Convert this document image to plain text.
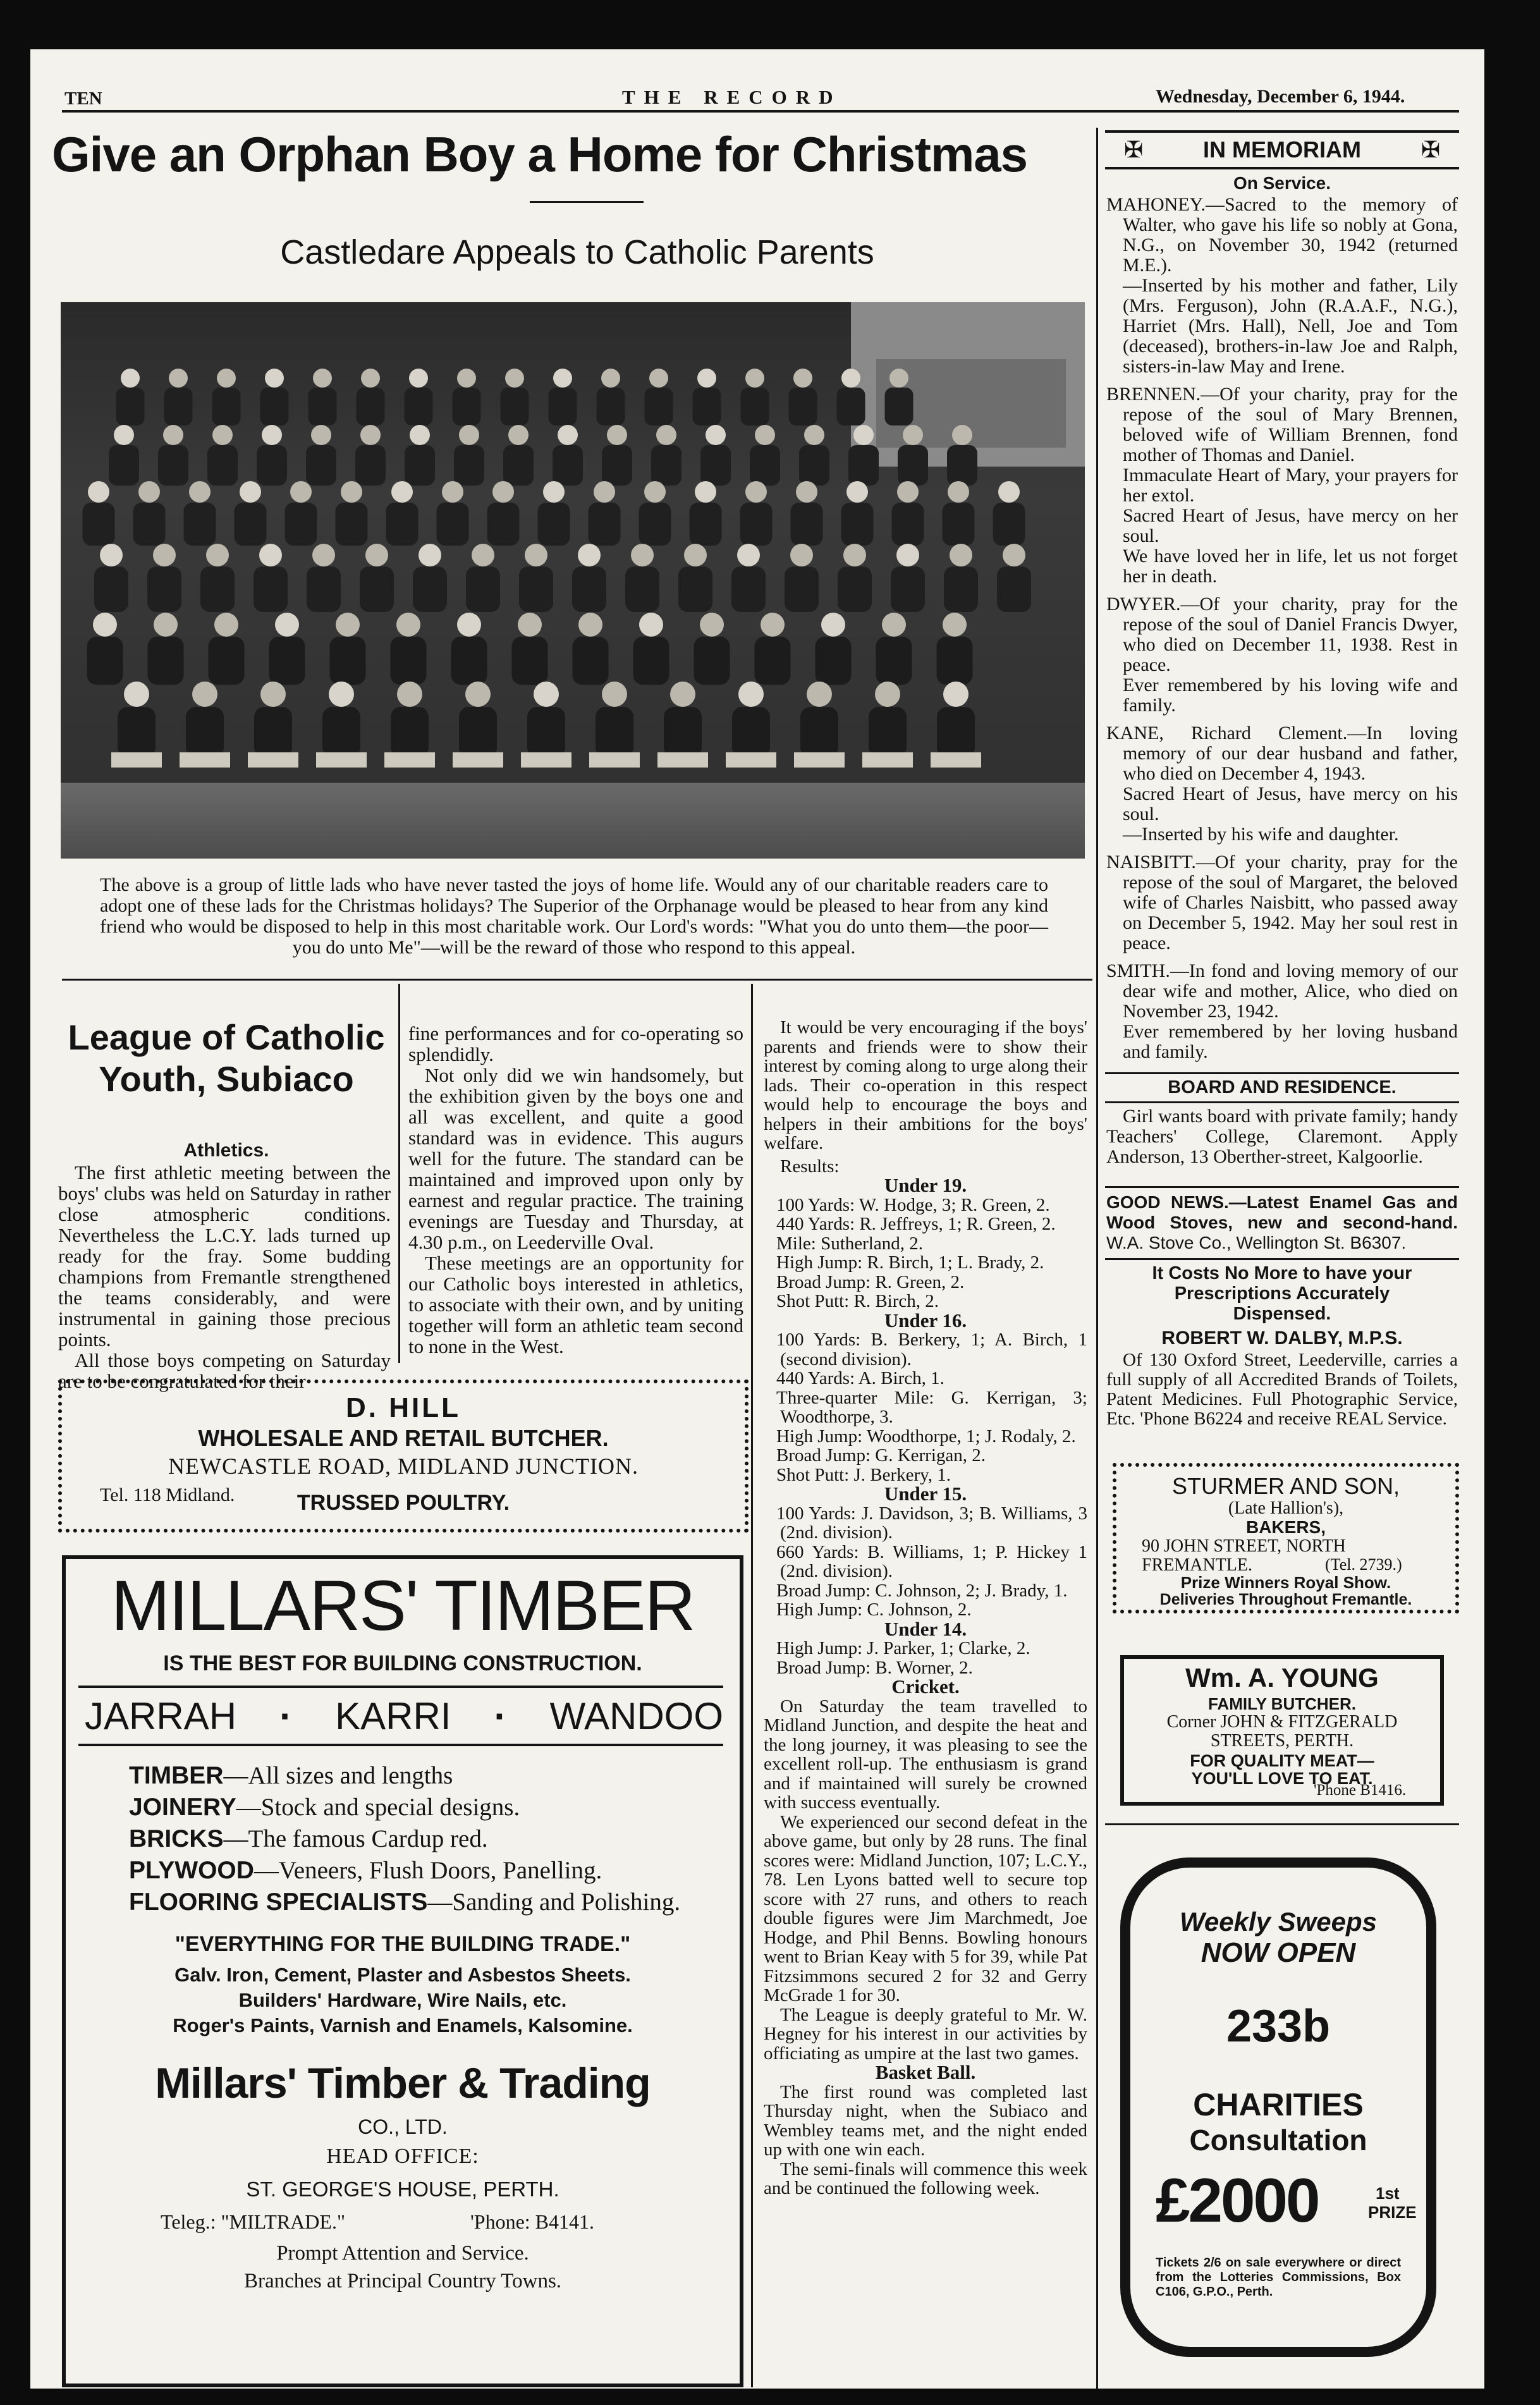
TEN	THE RECORD	Wednesday, December 6, 1944.
Give an Orphan Boy a Home for Christmas
Castledare Appeals to Catholic Parents
The above is a group of little lads who have never tasted the joys of home life. Would any of our charitable readers care to adopt one of these lads for the Christmas holidays? The Superior of the Orphanage would be pleased to hear from any kind friend who would be disposed to help in this most charitable work. Our Lord's words: "What you do unto them—the poor—you do unto Me"—will be the reward of those who respond to this appeal.
League of Catholic
Youth, Subiaco
Athletics.

The first athletic meeting between the boys' clubs was held on Saturday in rather close atmospheric conditions. Nevertheless the L.C.Y. lads turned up ready for the fray. Some budding champions from Fremantle strengthened the teams considerably, and were instrumental in gaining those precious points.

All those boys competing on Saturday are to be congratulated for their

fine performances and for co-operating so splendidly.

Not only did we win handsomely, but the exhibition given by the boys one and all was excellent, and quite a good standard was in evidence. This augurs well for the future. The standard can be maintained and improved upon only by earnest and regular practice. The training evenings are Tuesday and Thursday, at 4.30 p.m., on Leederville Oval.

These meetings are an opportunity for our Catholic boys interested in athletics, to associate with their own, and by uniting together will form an athletic team second to none in the West.

D. HILL
WHOLESALE AND RETAIL BUTCHER.
NEWCASTLE ROAD, MIDLAND JUNCTION.
Tel. 118 Midland.	TRUSSED POULTRY.
MILLARS' TIMBER
IS THE BEST FOR BUILDING CONSTRUCTION.
JARRAH · KARRI · WANDOO
TIMBER—All sizes and lengths
JOINERY—Stock and special designs.
BRICKS—The famous Cardup red.
PLYWOOD—Veneers, Flush Doors, Panelling.
FLOORING SPECIALISTS—Sanding and Polishing.
"EVERYTHING FOR THE BUILDING TRADE."
Galv. Iron, Cement, Plaster and Asbestos Sheets.
Builders' Hardware, Wire Nails, etc.
Roger's Paints, Varnish and Enamels, Kalsomine.
Millars' Timber & Trading
CO., LTD.
HEAD OFFICE:
ST. GEORGE'S HOUSE, PERTH.
Teleg.: "MILTRADE."	'Phone: B4141.
Prompt Attention and Service.
Branches at Principal Country Towns.

It would be very encouraging if the boys' parents and friends were to show their interest by coming along to urge along their lads. Their co-operation in this respect would help to encourage the boys and helpers in their ambitions for the boys' welfare.

Results:

Under 19.

100 Yards: W. Hodge, 3; R. Green, 2.

440 Yards: R. Jeffreys, 1; R. Green, 2.

Mile: Sutherland, 2.

High Jump: R. Birch, 1; L. Brady, 2.

Broad Jump: R. Green, 2.

Shot Putt: R. Birch, 2.

Under 16.

100 Yards: B. Berkery, 1; A. Birch, 1 (second division).

440 Yards: A. Birch, 1.

Three-quarter Mile: G. Kerrigan, 3; Woodthorpe, 3.

High Jump: Woodthorpe, 1; J. Rodaly, 2.

Broad Jump: G. Kerrigan, 2.

Shot Putt: J. Berkery, 1.

Under 15.

100 Yards: J. Davidson, 3; B. Williams, 3 (2nd. division).

660 Yards: B. Williams, 1; P. Hickey 1 (2nd. division).

Broad Jump: C. Johnson, 2; J. Brady, 1.

High Jump: C. Johnson, 2.

Under 14.

High Jump: J. Parker, 1; Clarke, 2.

Broad Jump: B. Worner, 2.

Cricket.

On Saturday the team travelled to Midland Junction, and despite the heat and the long journey, it was pleasing to see the excellent roll-up. The enthusiasm is grand and if maintained will surely be crowned with success eventually.

We experienced our second defeat in the above game, but only by 28 runs. The final scores were: Midland Junction, 107; L.C.Y., 78. Len Lyons batted well to secure top score with 27 runs, and others to reach double figures were Jim Marchmedt, Joe Hodge, and Phil Benns. Bowling honours went to Brian Keay with 5 for 39, while Pat Fitzsimmons secured 2 for 32 and Gerry McGrade 1 for 30.

The League is deeply grateful to Mr. W. Hegney for his interest in our activities by officiating as umpire at the last two games.

Basket Ball.

The first round was completed last Thursday night, when the Subiaco and Wembley teams met, and the night ended up with one win each.

The semi-finals will commence this week and be continued the following week.

✠	IN MEMORIAM	✠
On Service.

MAHONEY.—Sacred to the memory of Walter, who gave his life so nobly at Gona, N.G., on November 30, 1942 (returned M.E.).

—Inserted by his mother and father, Lily (Mrs. Ferguson), John (R.A.A.F., N.G.), Harriet (Mrs. Hall), Nell, Joe and Tom (deceased), brothers-in-law Joe and Ralph, sisters-in-law May and Irene.

BRENNEN.—Of your charity, pray for the repose of the soul of Mary Brennen, beloved wife of William Brennen, fond mother of Thomas and Daniel.

Immaculate Heart of Mary, your prayers for her extol.

Sacred Heart of Jesus, have mercy on her soul.

We have loved her in life, let us not forget her in death.

DWYER.—Of your charity, pray for the repose of the soul of Daniel Francis Dwyer, who died on December 11, 1938. Rest in peace.

Ever remembered by his loving wife and family.

KANE, Richard Clement.—In loving memory of our dear husband and father, who died on December 4, 1943.

Sacred Heart of Jesus, have mercy on his soul.

—Inserted by his wife and daughter.

NAISBITT.—Of your charity, pray for the repose of the soul of Margaret, the beloved wife of Charles Naisbitt, who passed away on December 5, 1942. May her soul rest in peace.

SMITH.—In fond and loving memory of our dear wife and mother, Alice, who died on November 23, 1942.

Ever remembered by her loving husband and family.

BOARD AND RESIDENCE.
Girl wants board with private family; handy Teachers' College, Claremont. Apply Anderson, 13 Oberther-street, Kalgoorlie.
GOOD NEWS.—Latest Enamel Gas and Wood Stoves, new and second-hand. W.A. Stove Co., Wellington St. B6307.
It Costs No More to have your
Prescriptions Accurately
Dispensed.
ROBERT W. DALBY, M.P.S.
Of 130 Oxford Street, Leederville, carries a full supply of all Accredited Brands of Toilets, Patent Medicines. Full Photographic Service, Etc. 'Phone B6224 and receive REAL Service.
STURMER AND SON,
(Late Hallion's),
BAKERS,
90 JOHN STREET, NORTH
FREMANTLE.	(Tel. 2739.)
Prize Winners Royal Show.
Deliveries Throughout Fremantle.
Wm. A. YOUNG
FAMILY BUTCHER.
Corner JOHN & FITZGERALD
STREETS, PERTH.
FOR QUALITY MEAT—
YOU'LL LOVE TO EAT.
'Phone B1416.
Weekly Sweeps
NOW OPEN
233b
CHARITIES
Consultation
£2000	1st
PRIZE
Tickets 2/6 on sale everywhere or direct from the Lotteries Commissions, Box C106, G.P.O., Perth.
